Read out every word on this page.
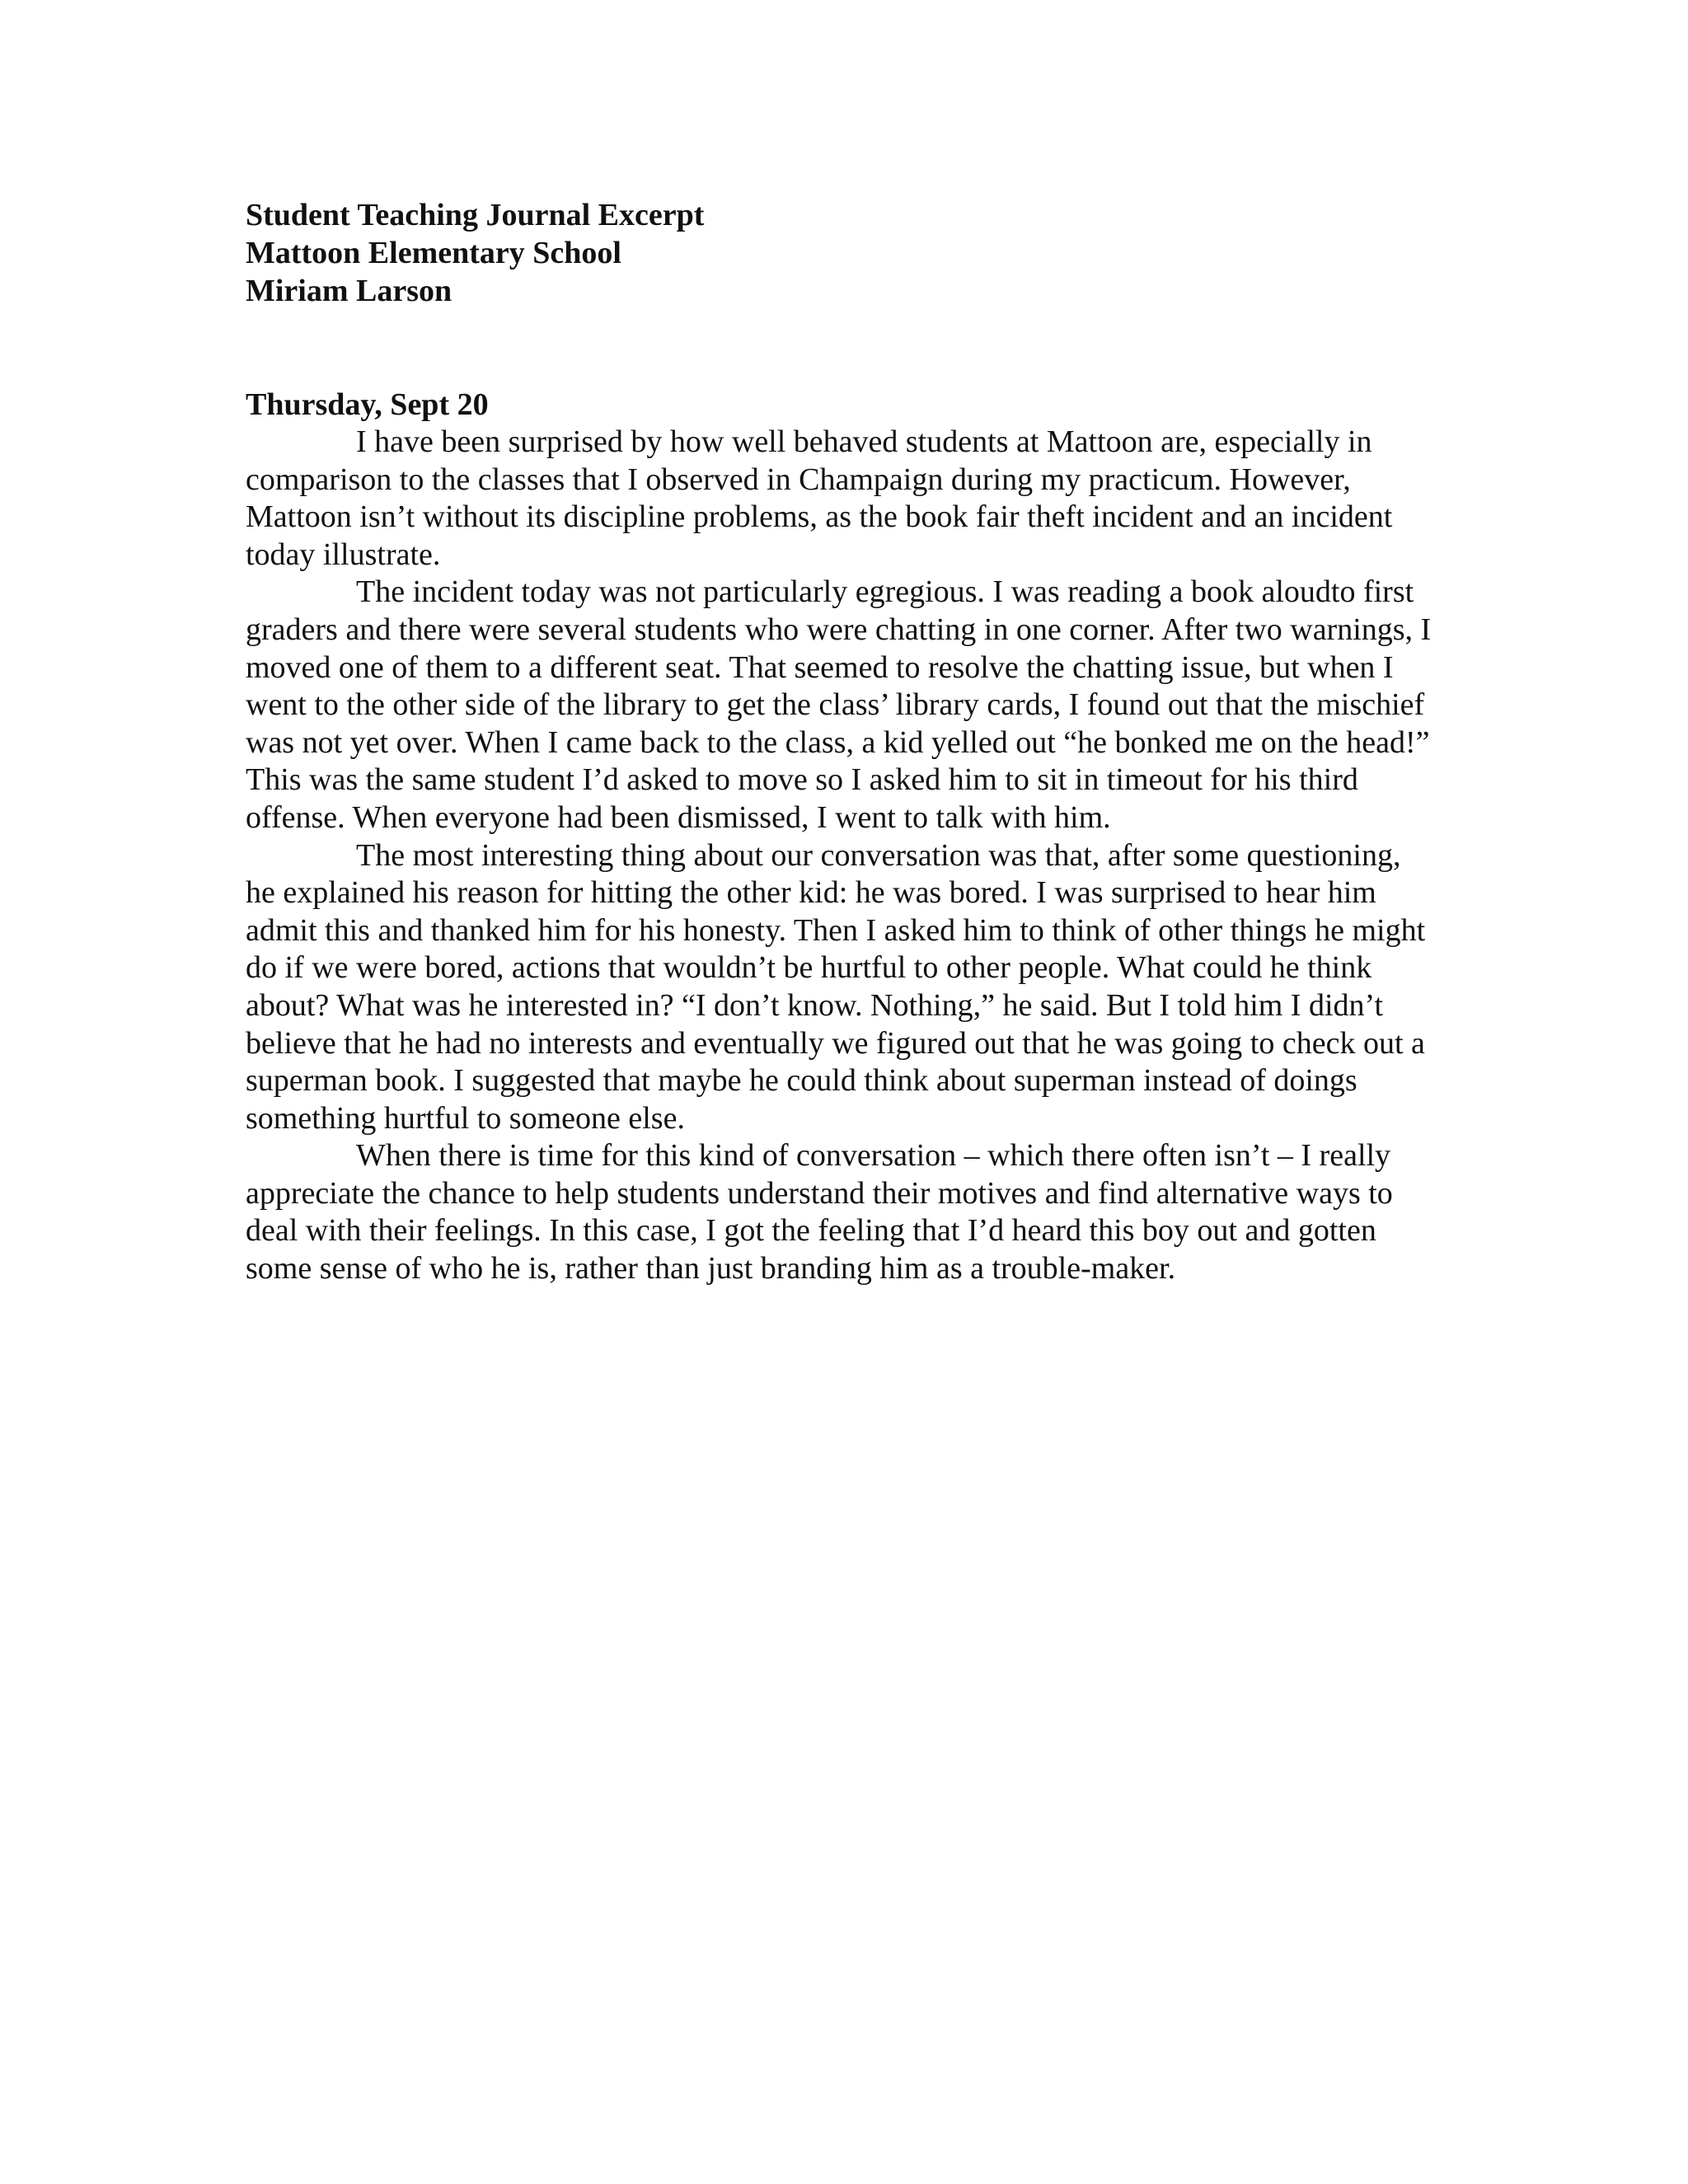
Student Teaching Journal Excerpt
Mattoon Elementary School
Miriam Larson
Thursday, Sept 20

I have been surprised by how well behaved students at Mattoon are, especially in comparison to the classes that I observed in Champaign during my practicum. However, Mattoon isn’t without its discipline problems, as the book fair theft incident and an incident today illustrate.

The incident today was not particularly egregious. I was reading a book aloudto first graders and there were several students who were chatting in one corner. After two warnings, I moved one of them to a different seat. That seemed to resolve the chatting issue, but when I went to the other side of the library to get the class’ library cards, I found out that the mischief was not yet over. When I came back to the class, a kid yelled out “he bonked me on the head!” This was the same student I’d asked to move so I asked him to sit in timeout for his third offense. When everyone had been dismissed, I went to talk with him.

The most interesting thing about our conversation was that, after some questioning, he explained his reason for hitting the other kid: he was bored. I was surprised to hear him admit this and thanked him for his honesty. Then I asked him to think of other things he might do if we were bored, actions that wouldn’t be hurtful to other people. What could he think about? What was he interested in? “I don’t know. Nothing,” he said. But I told him I didn’t believe that he had no interests and eventually we figured out that he was going to check out a superman book. I suggested that maybe he could think about superman instead of doings something hurtful to someone else.

When there is time for this kind of conversation – which there often isn’t – I really appreciate the chance to help students understand their motives and find alternative ways to deal with their feelings. In this case, I got the feeling that I’d heard this boy out and gotten some sense of who he is, rather than just branding him as a trouble-maker.
